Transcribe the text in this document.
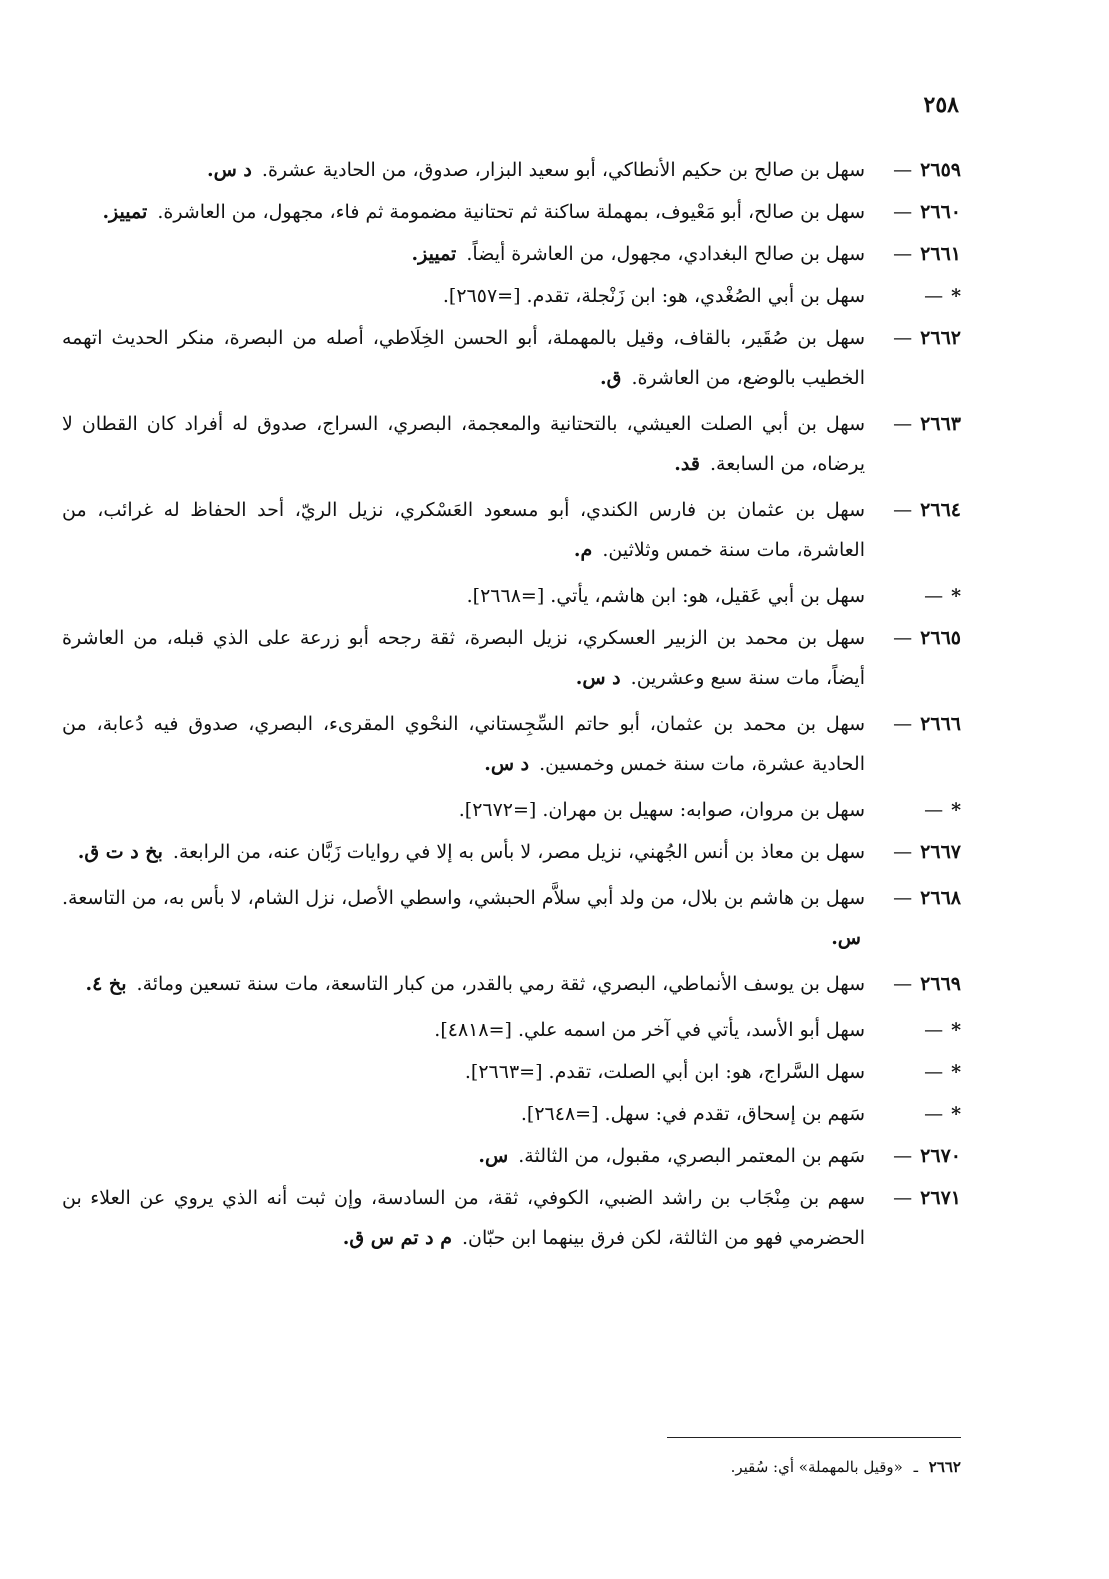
٢٥٨
٢٦٥٩—
سهل بن صالح بن حكيم الأنطاكي، أبو سعيد البزار، صدوق، من الحادية عشرة. د س.
٢٦٦٠—
سهل بن صالح، أبو مَعْيوف، بمهملة ساكنة ثم تحتانية مضمومة ثم فاء، مجهول، من العاشرة. تمييز.
٢٦٦١—
سهل بن صالح البغدادي، مجهول، من العاشرة أيضاً. تمييز.
*—
سهل بن أبي الصُغْدي، هو: ابن زَنْجلة، تقدم. [=٢٦٥٧].
٢٦٦٢—
سهل بن صُقَير، بالقاف، وقيل بالمهملة، أبو الحسن الخِلَاطي، أصله من البصرة، منكر الحديث اتهمه الخطيب بالوضع، من العاشرة. ق.
٢٦٦٣—
سهل بن أبي الصلت العيشي، بالتحتانية والمعجمة، البصري، السراج، صدوق له أفراد كان القطان لا يرضاه، من السابعة. قد.
٢٦٦٤—
سهل بن عثمان بن فارس الكندي، أبو مسعود العَسْكري، نزيل الريّ، أحد الحفاظ له غرائب، من العاشرة، مات سنة خمس وثلاثين. م.
*—
سهل بن أبي عَقيل، هو: ابن هاشم، يأتي. [=٢٦٦٨].
٢٦٦٥—
سهل بن محمد بن الزبير العسكري، نزيل البصرة، ثقة رجحه أبو زرعة على الذي قبله، من العاشرة أيضاً، مات سنة سبع وعشرين. د س.
٢٦٦٦—
سهل بن محمد بن عثمان، أبو حاتم السِّجِستاني، النحْوي المقرىء، البصري، صدوق فيه دُعابة، من الحادية عشرة، مات سنة خمس وخمسين. د س.
*—
سهل بن مروان، صوابه: سهيل بن مهران. [=٢٦٧٢].
٢٦٦٧—
سهل بن معاذ بن أنس الجُهني، نزيل مصر، لا بأس به إلا في روايات زَبَّان عنه، من الرابعة. بخ د ت ق.
٢٦٦٨—
سهل بن هاشم بن بلال، من ولد أبي سلاَّم الحبشي، واسطي الأصل، نزل الشام، لا بأس به، من التاسعة. س.
٢٦٦٩—
سهل بن يوسف الأنماطي، البصري، ثقة رمي بالقدر، من كبار التاسعة، مات سنة تسعين ومائة. بخ ٤.
*—
سهل أبو الأسد، يأتي في آخر من اسمه علي. [=٤٨١٨].
*—
سهل السَّراج، هو: ابن أبي الصلت، تقدم. [=٢٦٦٣].
*—
سَهم بن إسحاق، تقدم في: سهل. [=٢٦٤٨].
٢٦٧٠—
سَهم بن المعتمر البصري، مقبول، من الثالثة. س.
٢٦٧١—
سهم بن مِنْجَاب بن راشد الضبي، الكوفي، ثقة، من السادسة، وإن ثبت أنه الذي يروي عن العلاء بن الحضرمي فهو من الثالثة، لكن فرق بينهما ابن حبّان. م د تم س ق.
٢٦٦٢ ـ «وقيل بالمهملة» أي: سُقير.
